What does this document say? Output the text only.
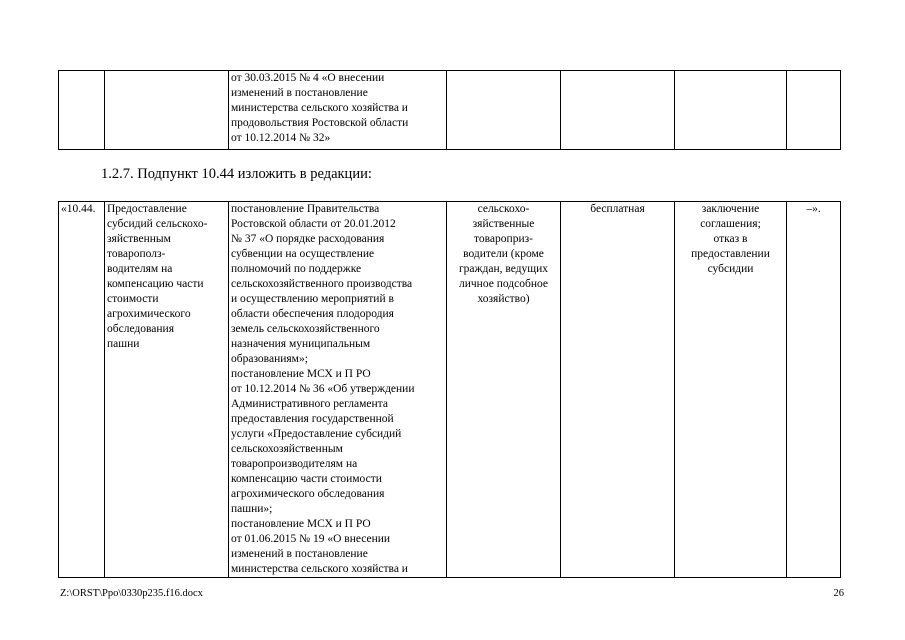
		от 30.03.2015 № 4 «О внесении
изменений в постановление
министерства сельского хозяйства и
продовольствия Ростовской области
от 10.12.2014 № 32»				
1.2.7. Подпункт 10.44 изложить в редакции:
«10.44.	Предоставление
субсидий сельскохо-
зяйственным
товарополз-
водителям на
компенсацию части
стоимости
агрохимического
обследования
пашни	постановление Правительства
Ростовской области от 20.01.2012
№ 37 «О порядке расходования
субвенции на осуществление
полномочий по поддержке
сельскохозяйственного производства
и осуществлению мероприятий в
области обеспечения плодородия
земель сельскохозяйственного
назначения муниципальным
образованиям»;
постановление МСХ и П РО
от 10.12.2014 № 36 «Об утверждении
Административного регламента
предоставления государственной
услуги «Предоставление субсидий
сельскохозяйственным
товаропроизводителям на
компенсацию части стоимости
агрохимического обследования
пашни»;
постановление МСХ и П РО
от 01.06.2015 № 19 «О внесении
изменений в постановление
министерства сельского хозяйства и	сельскохо-
зяйственные
товароприз-
водители (кроме
граждан, ведущих
личное подсобное
хозяйство)	бесплатная	заключение
соглашения;
отказ в
предоставлении
субсидии	–».
Z:\ORST\Ppo\0330p235.f16.docx	26
